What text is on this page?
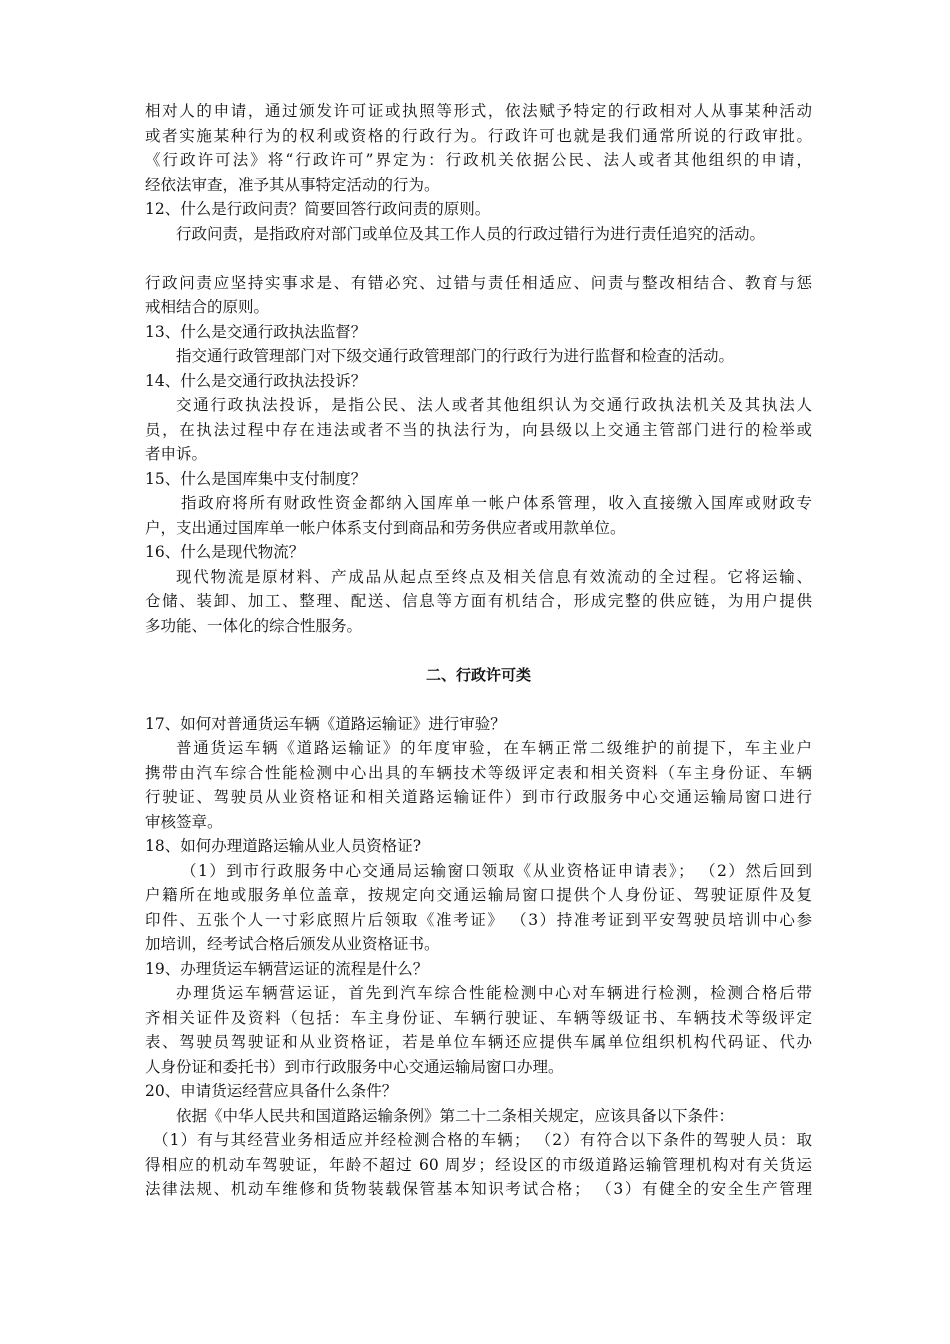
相对人的申请，通过颁发许可证或执照等形式，依法赋予特定的行政相对人从事某种活动
或者实施某种行为的权利或资格的行政行为。行政许可也就是我们通常所说的行政审批。
《行政许可法》将“行政许可”界定为：行政机关依据公民、法人或者其他组织的申请，
经依法审查，准予其从事特定活动的行为。
12、什么是行政问责？简要回答行政问责的原则。
行政问责，是指政府对部门或单位及其工作人员的行政过错行为进行责任追究的活动。
行政问责应坚持实事求是、有错必究、过错与责任相适应、问责与整改相结合、教育与惩
戒相结合的原则。
13、什么是交通行政执法监督？
指交通行政管理部门对下级交通行政管理部门的行政行为进行监督和检查的活动。
14、什么是交通行政执法投诉？
交通行政执法投诉，是指公民、法人或者其他组织认为交通行政执法机关及其执法人
员，在执法过程中存在违法或者不当的执法行为，向县级以上交通主管部门进行的检举或
者申诉。
15、什么是国库集中支付制度？
指政府将所有财政性资金都纳入国库单一帐户体系管理，收入直接缴入国库或财政专
户，支出通过国库单一帐户体系支付到商品和劳务供应者或用款单位。
16、什么是现代物流？
现代物流是原材料、产成品从起点至终点及相关信息有效流动的全过程。它将运输、
仓储、装卸、加工、整理、配送、信息等方面有机结合，形成完整的供应链，为用户提供
多功能、一体化的综合性服务。
二、行政许可类
17、如何对普通货运车辆《道路运输证》进行审验？
普通货运车辆《道路运输证》的年度审验，在车辆正常二级维护的前提下，车主业户
携带由汽车综合性能检测中心出具的车辆技术等级评定表和相关资料（车主身份证、车辆
行驶证、驾驶员从业资格证和相关道路运输证件）到市行政服务中心交通运输局窗口进行
审核签章。
18、如何办理道路运输从业人员资格证?
（1）到市行政服务中心交通局运输窗口领取《从业资格证申请表》； （2）然后回到
户籍所在地或服务单位盖章，按规定向交通运输局窗口提供个人身份证、驾驶证原件及复
印件、五张个人一寸彩底照片后领取《准考证》 （3）持准考证到平安驾驶员培训中心参
加培训，经考试合格后颁发从业资格证书。
19、办理货运车辆营运证的流程是什么？
办理货运车辆营运证，首先到汽车综合性能检测中心对车辆进行检测，检测合格后带
齐相关证件及资料（包括：车主身份证、车辆行驶证、车辆等级证书、车辆技术等级评定
表、驾驶员驾驶证和从业资格证，若是单位车辆还应提供车属单位组织机构代码证、代办
人身份证和委托书）到市行政服务中心交通运输局窗口办理。
20、申请货运经营应具备什么条件？
依据《中华人民共和国道路运输条例》第二十二条相关规定，应该具备以下条件：
（1）有与其经营业务相适应并经检测合格的车辆； （2）有符合以下条件的驾驶人员：取
得相应的机动车驾驶证，年龄不超过 60 周岁；经设区的市级道路运输管理机构对有关货运
法律法规、机动车维修和货物装载保管基本知识考试合格； （3）有健全的安全生产管理
